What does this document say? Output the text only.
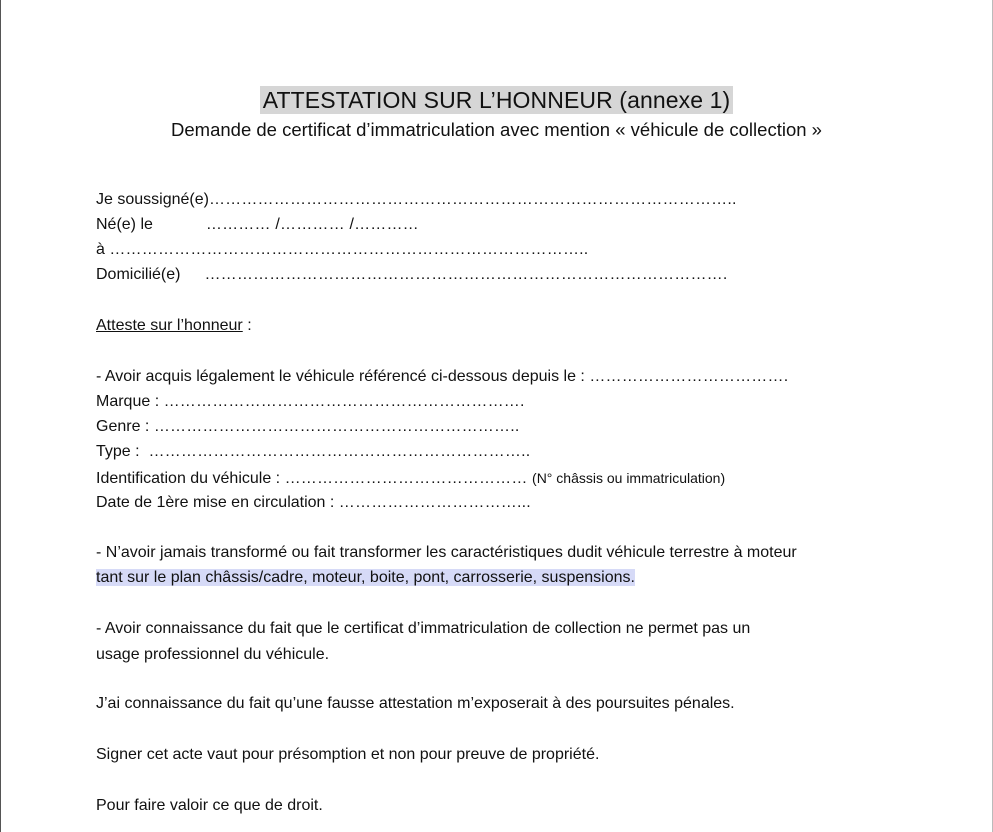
ATTESTATION SUR L’HONNEUR (annexe 1)
Demande de certificat d’immatriculation avec mention « véhicule de collection »
Je soussigné(e)……………………………………………………………………………………..
Né(e) le	………… /………… /…………
à ……………………………………………………………………………..
Domicilié(e) …………………………………………………………………………………….
Atteste sur l’honneur :
- Avoir acquis légalement le véhicule référencé ci-dessous depuis le : ……………………………….
Marque : ………………………………………………………….
Genre : …………………………………………………………..
Type : ……………………………………………………………..
Identification du véhicule : ……………………………………… (N° châssis ou immatriculation)
Date de 1ère mise en circulation : ……………………………...
- N’avoir jamais transformé ou fait transformer les caractéristiques dudit véhicule terrestre à moteur
tant sur le plan châssis/cadre, moteur, boite, pont, carrosserie, suspensions.
- Avoir connaissance du fait que le certificat d’immatriculation de collection ne permet pas un
usage professionnel du véhicule.
J’ai connaissance du fait qu’une fausse attestation m’exposerait à des poursuites pénales.
Signer cet acte vaut pour présomption et non pour preuve de propriété.
Pour faire valoir ce que de droit.
